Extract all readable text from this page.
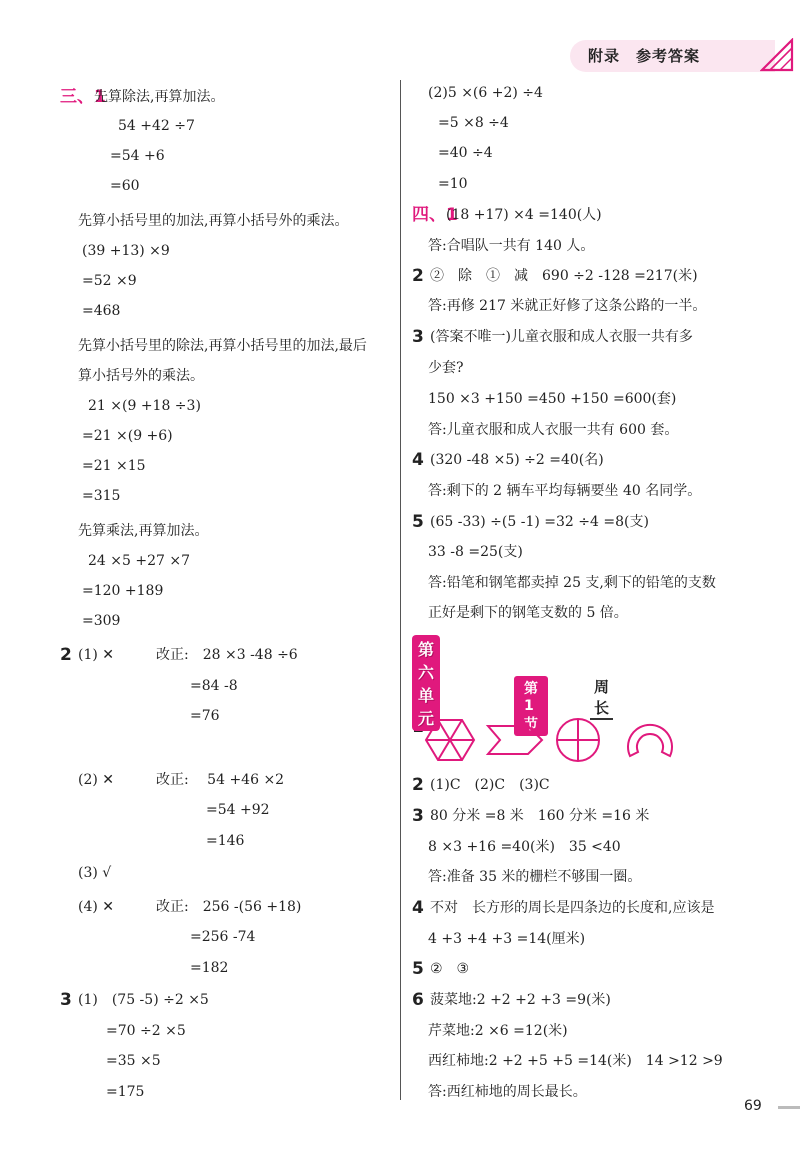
附录　参考答案
三、1
先算除法,再算加法。
54 +42 ÷7
=54 +6
=60
先算小括号里的加法,再算小括号外的乘法。
(39 +13) ×9
=52 ×9
=468
先算小括号里的除法,再算小括号里的加法,最后
算小括号外的乘法。
21 ×(9 +18 ÷3)
=21 ×(9 +6)
=21 ×15
=315
先算乘法,再算加法。
24 ×5 +27 ×7
=120 +189
=309
2 (1) ✕　　　改正:　28 ×3 -48 ÷6
=84 -8
=76
(2) ✕　　　改正:　 54 +46 ×2
=54 +92
=146
(3) √
(4) ✕　　　改正:　256 -(56 +18)
=256 -74
=182
3 (1)　(75 -5) ÷2 ×5
=70 ÷2 ×5
=35 ×5
=175
(2)5 ×(6 +2) ÷4
=5 ×8 ÷4
=40 ÷4
=10
四、1
(18 +17) ×4 =140(人)
答:合唱队一共有 140 人。
2 ②　除　①　减　690 ÷2 -128 =217(米)
答:再修 217 米就正好修了这条公路的一半。
3 (答案不唯一)儿童衣服和成人衣服一共有多
少套?
150 ×3 +150 =450 +150 =600(套)
答:儿童衣服和成人衣服一共有 600 套。
4 (320 -48 ×5) ÷2 =40(名)
答:剩下的 2 辆车平均每辆要坐 40 名同学。
5 (65 -33) ÷(5 -1) =32 ÷4 =8(支)
33 -8 =25(支)
答:铅笔和钢笔都卖掉 25 支,剩下的铅笔的支数
正好是剩下的钢笔支数的 5 倍。
2 (1)C　(2)C　(3)C
3 80 分米 =8 米　160 分米 =16 米
8 ×3 +16 =40(米)　35 <40
答:准备 35 米的栅栏不够围一圈。
4 不对　长方形的周长是四条边的长度和,应该是
4 +3 +4 +3 =14(厘米)
5 ②　③
6 菠菜地:2 +2 +2 +3 =9(米)
芹菜地:2 ×6 =12(米)
西红柿地:2 +2 +5 +5 =14(米)　14 >12 >9
答:西红柿地的周长最长。
第六单元
第1节
周长
69
